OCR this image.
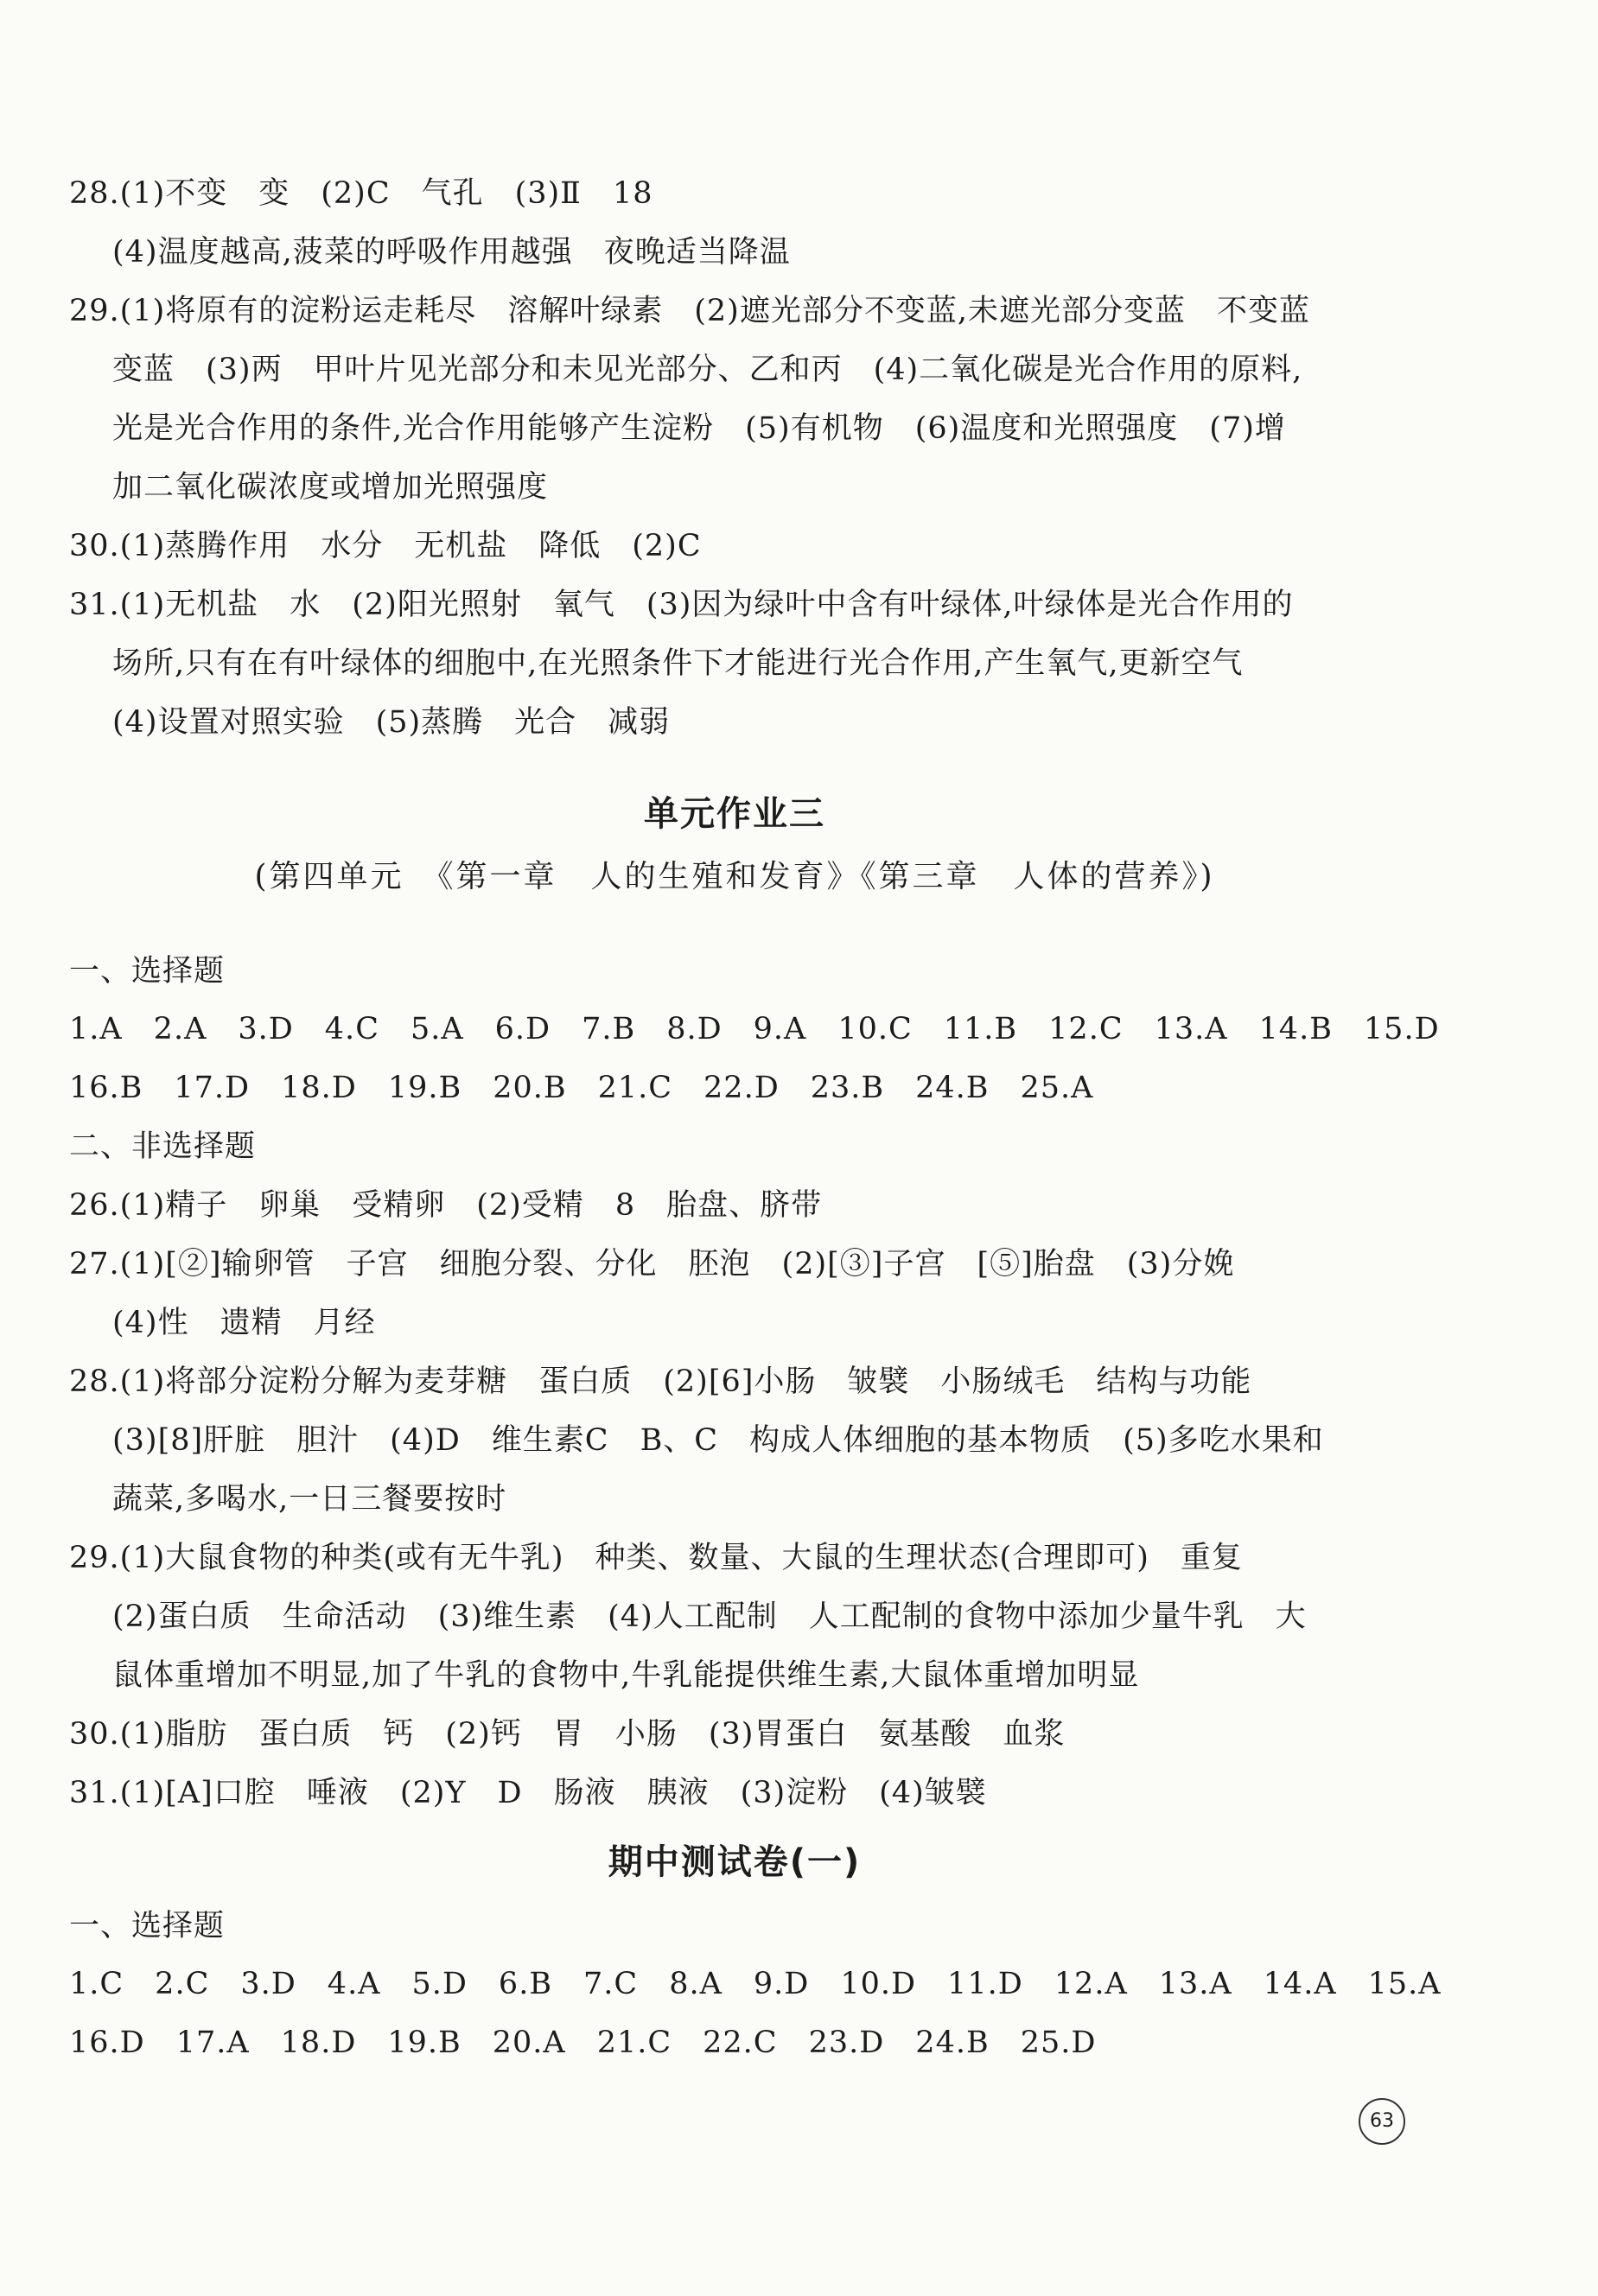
28.(1)不变　变　(2)C　气孔　(3)Ⅱ　18
(4)温度越高,菠菜的呼吸作用越强　夜晚适当降温
29.(1)将原有的淀粉运走耗尽　溶解叶绿素　(2)遮光部分不变蓝,未遮光部分变蓝　不变蓝
变蓝　(3)两　甲叶片见光部分和未见光部分、乙和丙　(4)二氧化碳是光合作用的原料,
光是光合作用的条件,光合作用能够产生淀粉　(5)有机物　(6)温度和光照强度　(7)增
加二氧化碳浓度或增加光照强度
30.(1)蒸腾作用　水分　无机盐　降低　(2)C
31.(1)无机盐　水　(2)阳光照射　氧气　(3)因为绿叶中含有叶绿体,叶绿体是光合作用的
场所,只有在有叶绿体的细胞中,在光照条件下才能进行光合作用,产生氧气,更新空气
(4)设置对照实验　(5)蒸腾　光合　减弱
单元作业三
(第四单元　《第一章　人的生殖和发育》《第三章　人体的营养》)
一、选择题
1.A　2.A　3.D　4.C　5.A　6.D　7.B　8.D　9.A　10.C　11.B　12.C　13.A　14.B　15.D
16.B　17.D　18.D　19.B　20.B　21.C　22.D　23.B　24.B　25.A
二、非选择题
26.(1)精子　卵巢　受精卵　(2)受精　8　胎盘、脐带
27.(1)[②]输卵管　子宫　细胞分裂、分化　胚泡　(2)[③]子宫　[⑤]胎盘　(3)分娩
(4)性　遗精　月经
28.(1)将部分淀粉分解为麦芽糖　蛋白质　(2)[6]小肠　皱襞　小肠绒毛　结构与功能
(3)[8]肝脏　胆汁　(4)D　维生素C　B、C　构成人体细胞的基本物质　(5)多吃水果和
蔬菜,多喝水,一日三餐要按时
29.(1)大鼠食物的种类(或有无牛乳)　种类、数量、大鼠的生理状态(合理即可)　重复
(2)蛋白质　生命活动　(3)维生素　(4)人工配制　人工配制的食物中添加少量牛乳　大
鼠体重增加不明显,加了牛乳的食物中,牛乳能提供维生素,大鼠体重增加明显
30.(1)脂肪　蛋白质　钙　(2)钙　胃　小肠　(3)胃蛋白　氨基酸　血浆
31.(1)[A]口腔　唾液　(2)Y　D　肠液　胰液　(3)淀粉　(4)皱襞
期中测试卷(一)
一、选择题
1.C　2.C　3.D　4.A　5.D　6.B　7.C　8.A　9.D　10.D　11.D　12.A　13.A　14.A　15.A
16.D　17.A　18.D　19.B　20.A　21.C　22.C　23.D　24.B　25.D
63
